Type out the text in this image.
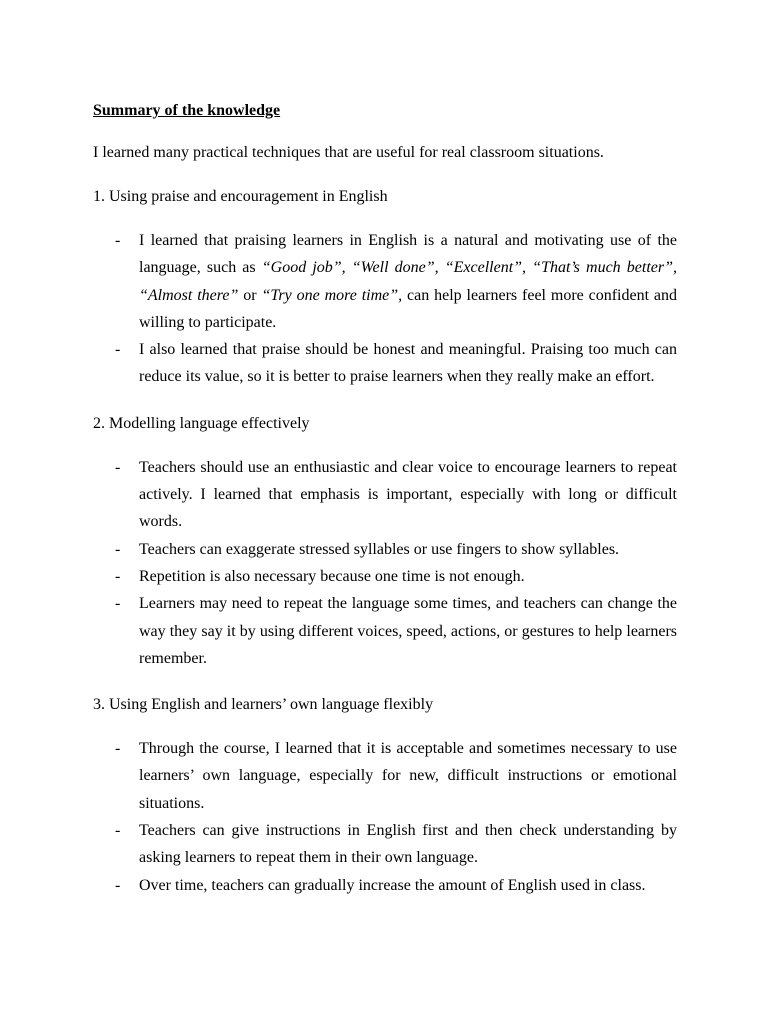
Summary of the knowledge

I learned many practical techniques that are useful for real classroom situations.

1. Using praise and encouragement in English

- I learned that praising learners in English is a natural and motivating use of the language, such as “Good job”, “Well done”, “Excellent”, “That’s much better”, “Almost there” or “Try one more time”, can help learners feel more confident and willing to participate.
- I also learned that praise should be honest and meaningful. Praising too much can reduce its value, so it is better to praise learners when they really make an effort.

2. Modelling language effectively

- Teachers should use an enthusiastic and clear voice to encourage learners to repeat actively. I learned that emphasis is important, especially with long or difficult words.
- Teachers can exaggerate stressed syllables or use fingers to show syllables.
- Repetition is also necessary because one time is not enough.
- Learners may need to repeat the language some times, and teachers can change the way they say it by using different voices, speed, actions, or gestures to help learners remember.

3. Using English and learners’ own language flexibly

- Through the course, I learned that it is acceptable and sometimes necessary to use learners’ own language, especially for new, difficult instructions or emotional situations.
- Teachers can give instructions in English first and then check understanding by asking learners to repeat them in their own language.
- Over time, teachers can gradually increase the amount of English used in class.
